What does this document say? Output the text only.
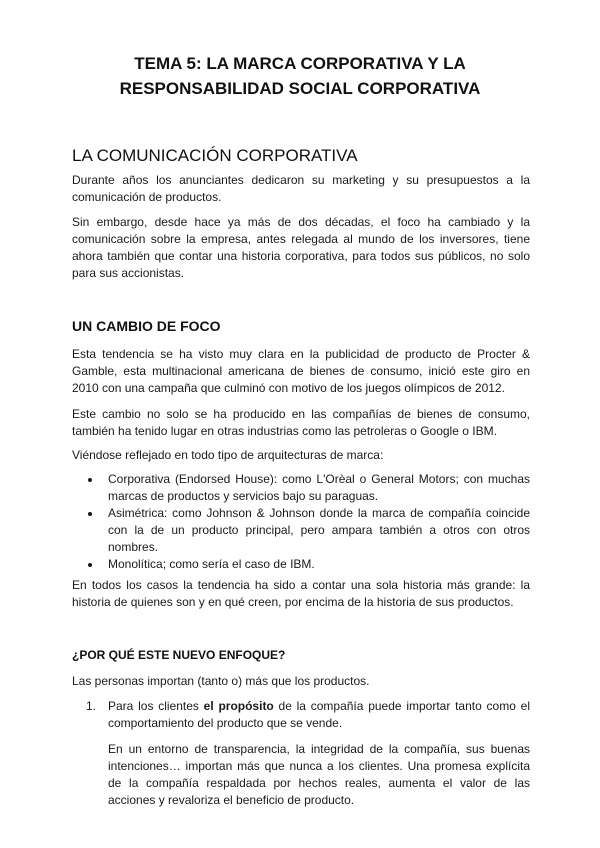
TEMA 5: LA MARCA CORPORATIVA Y LA
RESPONSABILIDAD SOCIAL CORPORATIVA
LA COMUNICACIÓN CORPORATIVA

Durante años los anunciantes dedicaron su marketing y su presupuestos a la comunicación de productos.

Sin embargo, desde hace ya más de dos décadas, el foco ha cambiado y la comunicación sobre la empresa, antes relegada al mundo de los inversores, tiene ahora también que contar una historia corporativa, para todos sus públicos, no solo para sus accionistas.

UN CAMBIO DE FOCO

Esta tendencia se ha visto muy clara en la publicidad de producto de Procter & Gamble, esta multinacional americana de bienes de consumo, inició este giro en 2010 con una campaña que culminó con motivo de los juegos olímpicos de 2012.

Este cambio no solo se ha producido en las compañías de bienes de consumo, también ha tenido lugar en otras industrias como las petroleras o Google o IBM.

Viéndose reflejado en todo tipo de arquitecturas de marca:

Corporativa (Endorsed House): como L'Orèal o General Motors; con muchas marcas de productos y servicios bajo su paraguas.
Asimétrica: como Johnson & Johnson donde la marca de compañía coincide con la de un producto principal, pero ampara también a otros con otros nombres.
Monolítica; como sería el caso de IBM.

En todos los casos la tendencia ha sido a contar una sola historia más grande: la historia de quienes son y en qué creen, por encima de la historia de sus productos.

¿POR QUÉ ESTE NUEVO ENFOQUE?

Las personas importan (tanto o) más que los productos.

1. Para los clientes el propósito de la compañía puede importar tanto como el comportamiento del producto que se vende.

En un entorno de transparencia, la integridad de la compañía, sus buenas intenciones… importan más que nunca a los clientes. Una promesa explícita de la compañía respaldada por hechos reales, aumenta el valor de las acciones y revaloriza el beneficio de producto.
